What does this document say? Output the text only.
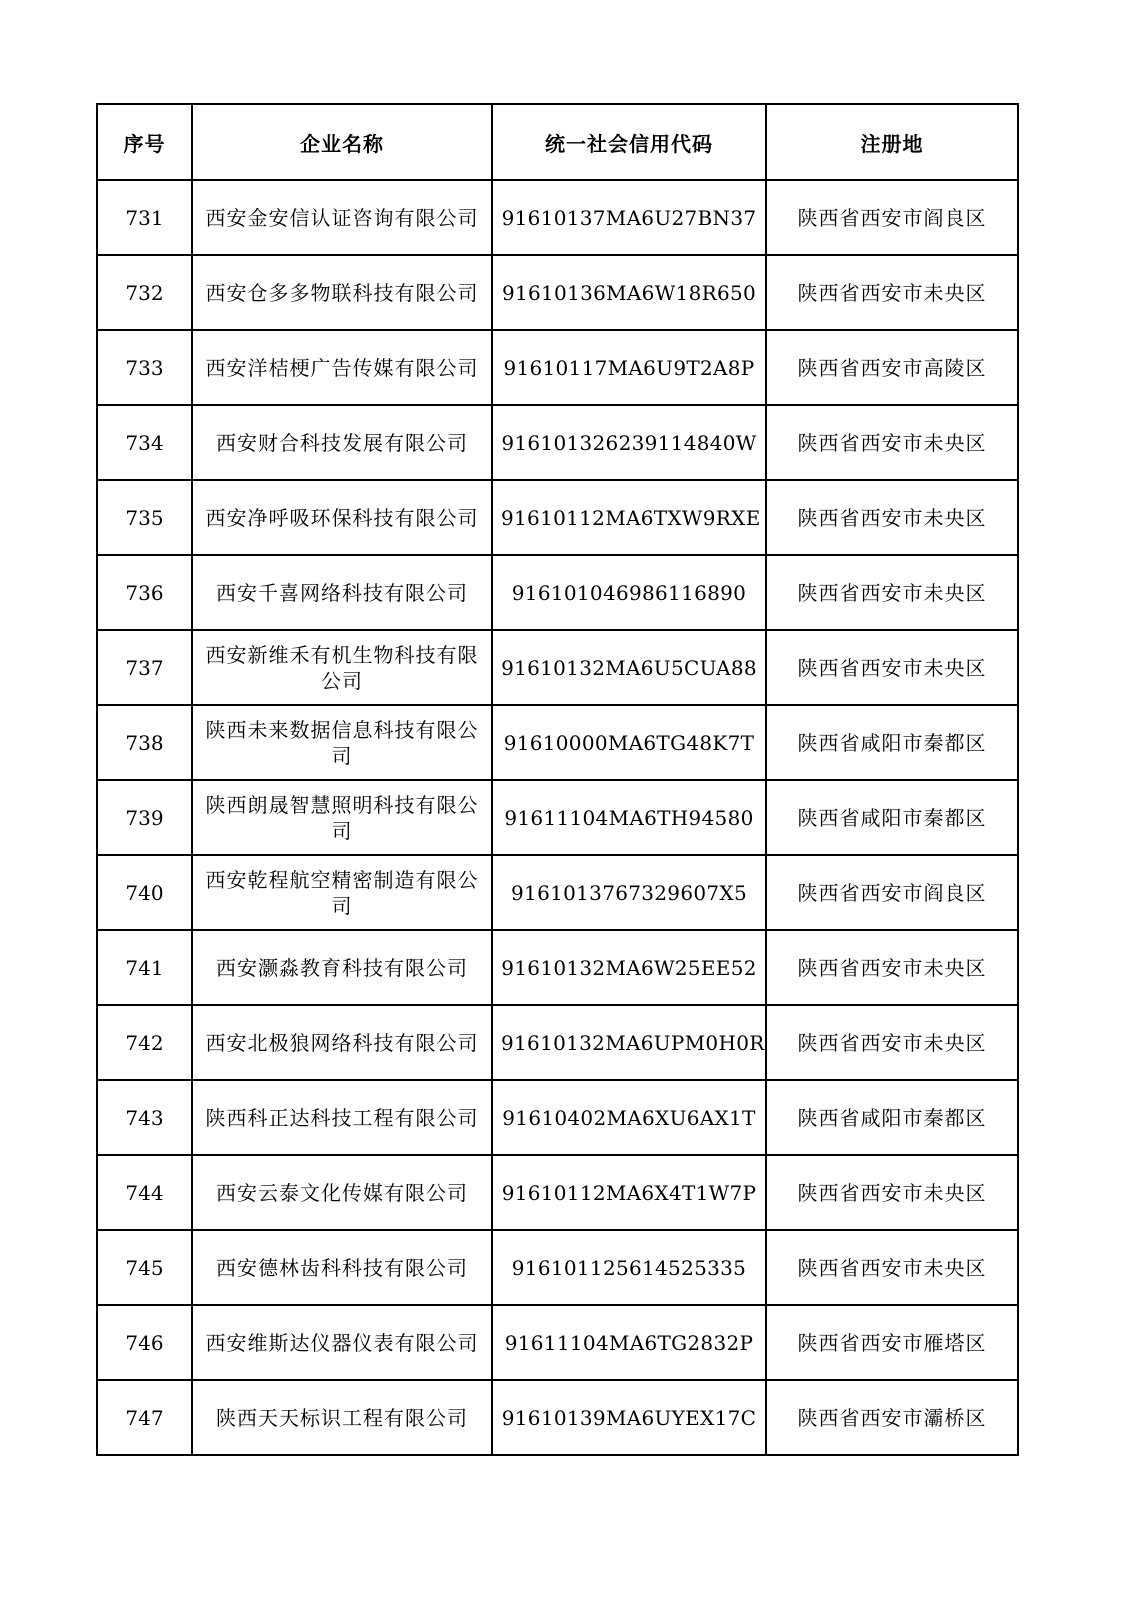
序号	企业名称	统一社会信用代码	注册地
731	西安金安信认证咨询有限公司	91610137MA6U27BN37	陕西省西安市阎良区
732	西安仓多多物联科技有限公司	91610136MA6W18R650	陕西省西安市未央区
733	西安洋桔梗广告传媒有限公司	91610117MA6U9T2A8P	陕西省西安市高陵区
734	西安财合科技发展有限公司	916101326239114840W	陕西省西安市未央区
735	西安净呼吸环保科技有限公司	91610112MA6TXW9RXE	陕西省西安市未央区
736	西安千喜网络科技有限公司	916101046986116890	陕西省西安市未央区
737	西安新维禾有机生物科技有限公司	91610132MA6U5CUA88	陕西省西安市未央区
738	陕西未来数据信息科技有限公司	91610000MA6TG48K7T	陕西省咸阳市秦都区
739	陕西朗晟智慧照明科技有限公司	91611104MA6TH94580	陕西省咸阳市秦都区
740	西安乾程航空精密制造有限公司	9161013767329607X5	陕西省西安市阎良区
741	西安灏淼教育科技有限公司	91610132MA6W25EE52	陕西省西安市未央区
742	西安北极狼网络科技有限公司	91610132MA6UPM0H0R	陕西省西安市未央区
743	陕西科正达科技工程有限公司	91610402MA6XU6AX1T	陕西省咸阳市秦都区
744	西安云泰文化传媒有限公司	91610112MA6X4T1W7P	陕西省西安市未央区
745	西安德林齿科科技有限公司	916101125614525335	陕西省西安市未央区
746	西安维斯达仪器仪表有限公司	91611104MA6TG2832P	陕西省西安市雁塔区
747	陕西天天标识工程有限公司	91610139MA6UYEX17C	陕西省西安市灞桥区
